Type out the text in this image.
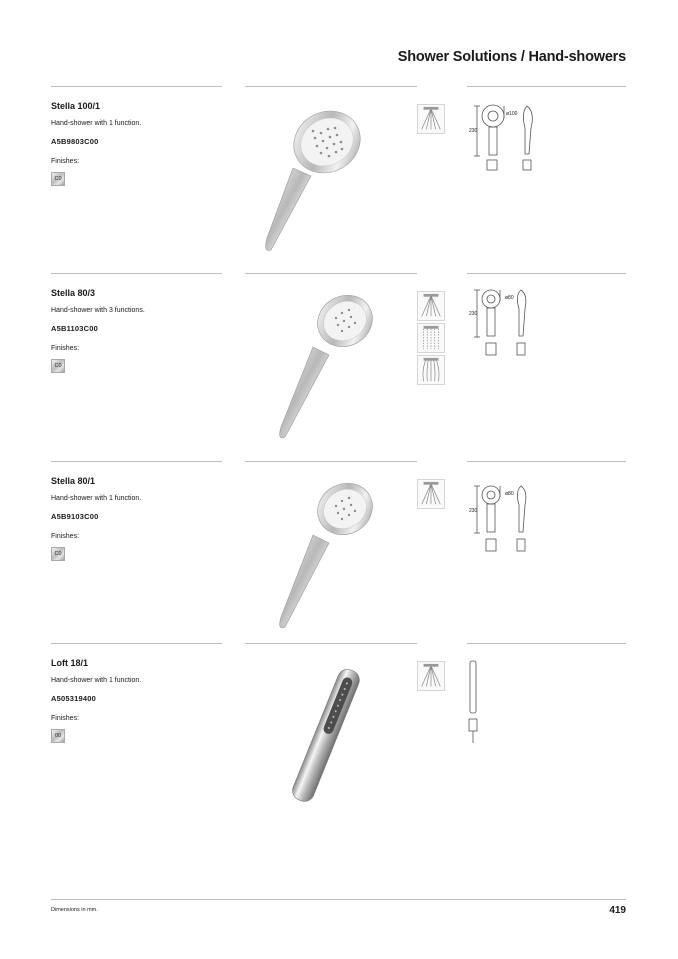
Shower Solutions / Hand-showers
Stella 100/1
Hand-shower with 1 function.
A5B9803C00
Finishes:
C0
230
ø100
Stella 80/3
Hand-shower with 3 functions.
A5B1103C00
Finishes:
C0
230
ø80
Stella 80/1
Hand-shower with 1 function.
A5B9103C00
Finishes:
C0
230
ø80
Loft 18/1
Hand-shower with 1 function.
A505319400
Finishes:
00
Dimensions in mm.	419
